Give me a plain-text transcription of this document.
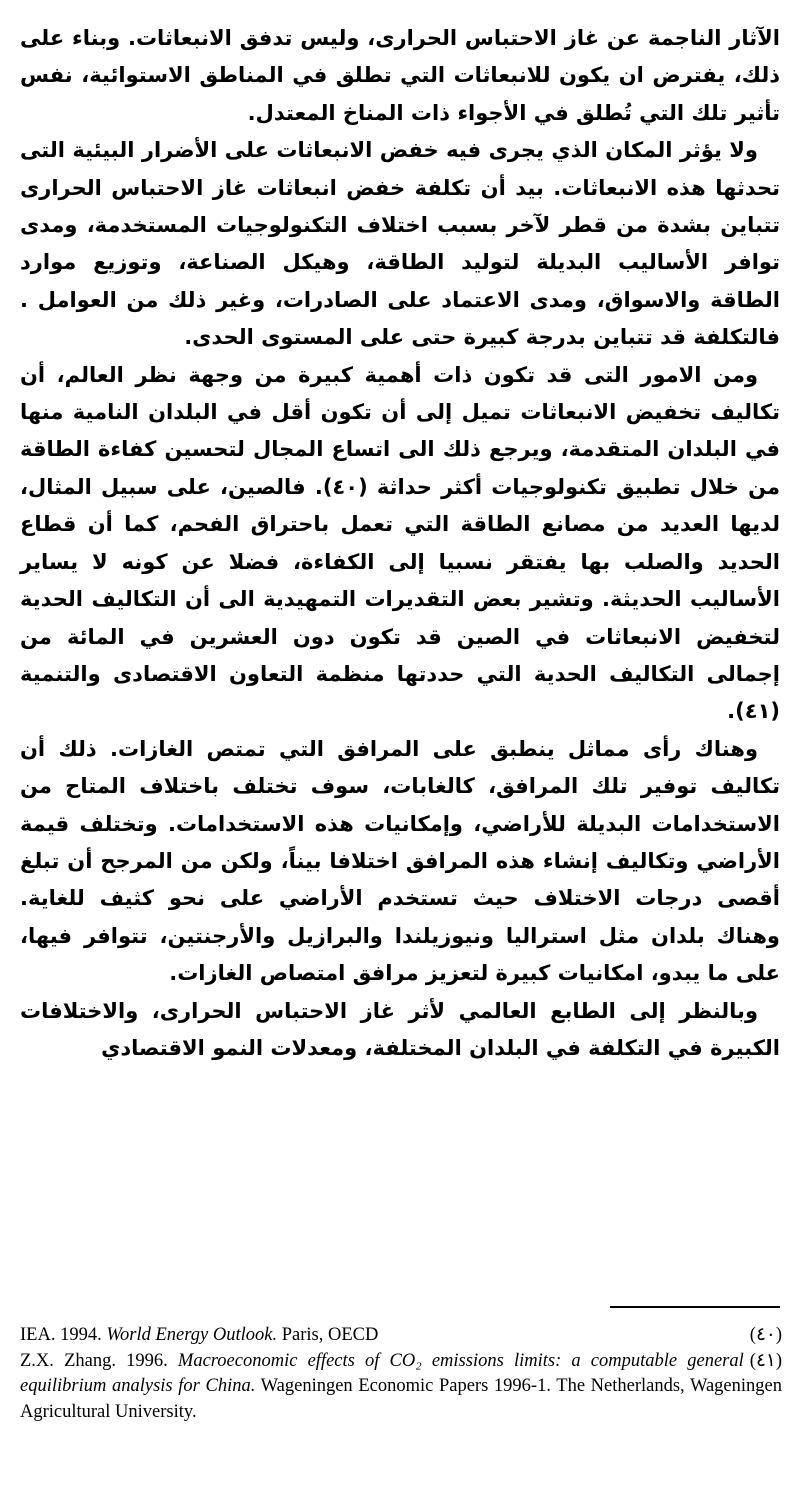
الآثار الناجمة عن غاز الاحتباس الحرارى، وليس تدفق الانبعاثات. وبناء على ذلك، يفترض ان يكون للانبعاثات التي تطلق في المناطق الاستوائية، نفس تأثير تلك التي تُطلق في الأجواء ذات المناخ المعتدل.

ولا يؤثر المكان الذي يجرى فيه خفض الانبعاثات على الأضرار البيئية التى تحدثها هذه الانبعاثات. بيد أن تكلفة خفض انبعاثات غاز الاحتباس الحرارى تتباين بشدة من قطر لآخر بسبب اختلاف التكنولوجيات المستخدمة، ومدى توافر الأساليب البديلة لتوليد الطاقة، وهيكل الصناعة، وتوزيع موارد الطاقة والاسواق، ومدى الاعتماد على الصادرات، وغير ذلك من العوامل . فالتكلفة قد تتباين بدرجة كبيرة حتى على المستوى الحدى.

ومن الامور التى قد تكون ذات أهمية كبيرة من وجهة نظر العالم، أن تكاليف تخفيض الانبعاثات تميل إلى أن تكون أقل في البلدان النامية منها في البلدان المتقدمة، ويرجع ذلك الى اتساع المجال لتحسين كفاءة الطاقة من خلال تطبيق تكنولوجيات أكثر حداثة (٤٠). فالصين، على سبيل المثال، لديها العديد من مصانع الطاقة التي تعمل باحتراق الفحم، كما أن قطاع الحديد والصلب بها يفتقر نسبيا إلى الكفاءة، فضلا عن كونه لا يساير الأساليب الحديثة. وتشير بعض التقديرات التمهيدية الى أن التكاليف الحدية لتخفيض الانبعاثات في الصين قد تكون دون العشرين في المائة من إجمالى التكاليف الحدية التي حددتها منظمة التعاون الاقتصادى والتنمية (٤١).

وهناك رأى مماثل ينطبق على المرافق التي تمتص الغازات. ذلك أن تكاليف توفير تلك المرافق، كالغابات، سوف تختلف باختلاف المتاح من الاستخدامات البديلة للأراضي، وإمكانيات هذه الاستخدامات. وتختلف قيمة الأراضي وتكاليف إنشاء هذه المرافق اختلافا بيناً، ولكن من المرجح أن تبلغ أقصى درجات الاختلاف حيث تستخدم الأراضي على نحو كثيف للغاية. وهناك بلدان مثل استراليا ونيوزيلندا والبرازيل والأرجنتين، تتوافر فيها، على ما يبدو، امكانيات كبيرة لتعزيز مرافق امتصاص الغازات.

وبالنظر إلى الطابع العالمي لأثر غاز الاحتباس الحرارى، والاختلافات الكبيرة في التكلفة في البلدان المختلفة، ومعدلات النمو الاقتصادي

(٤٠)
IEA. 1994. World Energy Outlook. Paris, OECD

(٤١)
Z.X. Zhang. 1996. Macroeconomic effects of CO₂ emissions limits: a computable general equilibrium analysis for China. Wageningen Economic Papers 1996-1. The Netherlands, Wageningen Agricultural University.
